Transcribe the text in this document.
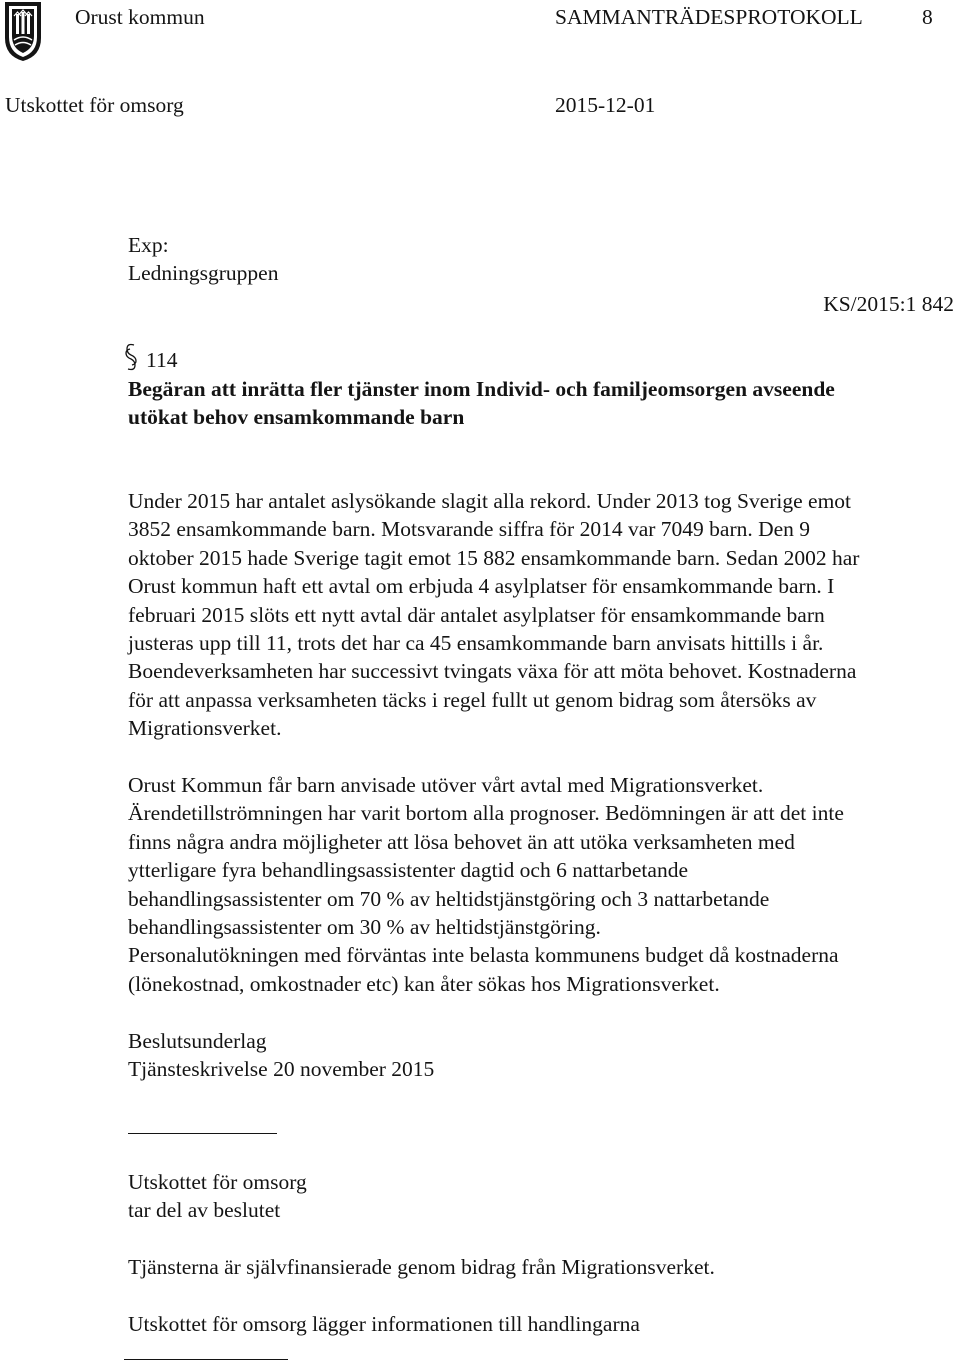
Orust kommun	SAMMANTRÄDESPROTOKOLL	8
Utskottet för omsorg	2015-12-01
Exp:
Ledningsgruppen
KS/2015:1 842
114
Begäran att inrätta fler tjänster inom Individ- och familjeomsorgen avseende
utökat behov ensamkommande barn
Under 2015 har antalet aslysökande slagit alla rekord. Under 2013 tog Sverige emot
3852 ensamkommande barn. Motsvarande siffra för 2014 var 7049 barn. Den 9
oktober 2015 hade Sverige tagit emot 15 882 ensamkommande barn. Sedan 2002 har
Orust kommun haft ett avtal om erbjuda 4 asylplatser för ensamkommande barn. I
februari 2015 slöts ett nytt avtal där antalet asylplatser för ensamkommande barn
justeras upp till 11, trots det har ca 45 ensamkommande barn anvisats hittills i år.
Boendeverksamheten har successivt tvingats växa för att möta behovet. Kostnaderna
för att anpassa verksamheten täcks i regel fullt ut genom bidrag som återsöks av
Migrationsverket.
Orust Kommun får barn anvisade utöver vårt avtal med Migrationsverket.
Ärendetillströmningen har varit bortom alla prognoser. Bedömningen är att det inte
finns några andra möjligheter att lösa behovet än att utöka verksamheten med
ytterligare fyra behandlingsassistenter dagtid och 6 nattarbetande
behandlingsassistenter om 70 % av heltidstjänstgöring och 3 nattarbetande
behandlingsassistenter om 30 % av heltidstjänstgöring.
Personalutökningen med förväntas inte belasta kommunens budget då kostnaderna
(lönekostnad, omkostnader etc) kan åter sökas hos Migrationsverket.
Beslutsunderlag
Tjänsteskrivelse 20 november 2015
Utskottet för omsorg
tar del av beslutet
Tjänsterna är självfinansierade genom bidrag från Migrationsverket.
Utskottet för omsorg lägger informationen till handlingarna
